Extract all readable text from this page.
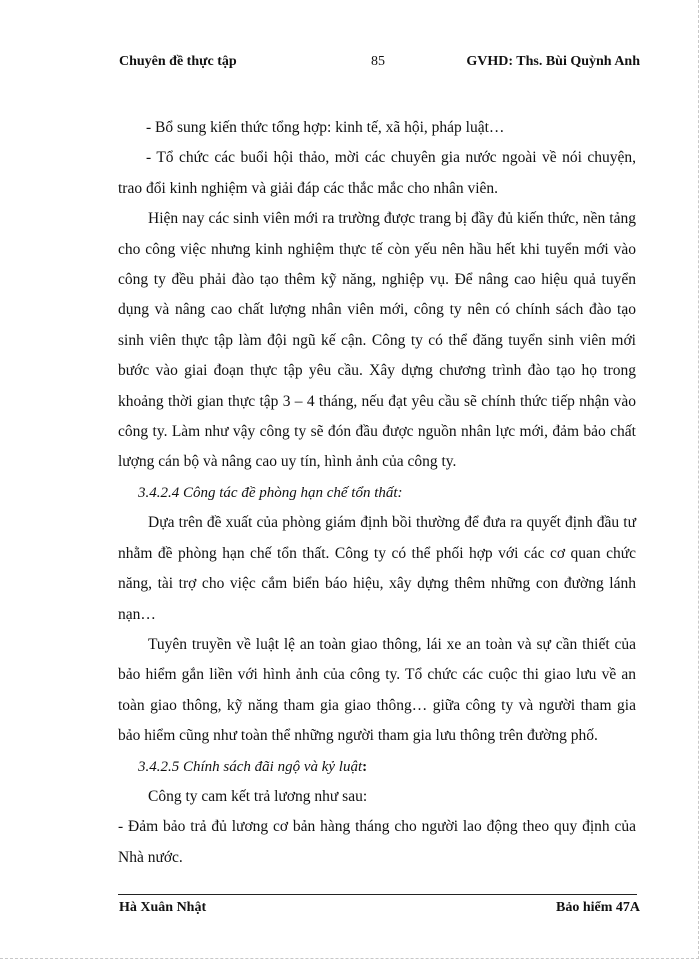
Chuyên đề thực tập	85	GVHD: Ths. Bùi Quỳnh Anh

- Bổ sung kiến thức tổng hợp: kinh tế, xã hội, pháp luật…

- Tổ chức các buổi hội thảo, mời các chuyên gia nước ngoài về nói chuyện, trao đổi kinh nghiệm và giải đáp các thắc mắc cho nhân viên.

Hiện nay các sinh viên mới ra trường được trang bị đầy đủ kiến thức, nền tảng cho công việc nhưng kinh nghiệm thực tế còn yếu nên hầu hết khi tuyển mới vào công ty đều phải đào tạo thêm kỹ năng, nghiệp vụ. Để nâng cao hiệu quả tuyển dụng và nâng cao chất lượng nhân viên mới, công ty nên có chính sách đào tạo sinh viên thực tập làm đội ngũ kế cận. Công ty có thể đăng tuyển sinh viên mới bước vào giai đoạn thực tập yêu cầu. Xây dựng chương trình đào tạo họ trong khoảng thời gian thực tập 3 – 4 tháng, nếu đạt yêu cầu sẽ chính thức tiếp nhận vào công ty. Làm như vậy công ty sẽ đón đầu được nguồn nhân lực mới, đảm bảo chất lượng cán bộ và nâng cao uy tín, hình ảnh của công ty.

3.4.2.4 Công tác đề phòng hạn chế tổn thất:

Dựa trên đề xuất của phòng giám định bồi thường để đưa ra quyết định đầu tư nhằm đề phòng hạn chế tổn thất. Công ty có thể phối hợp với các cơ quan chức năng, tài trợ cho việc cắm biển báo hiệu, xây dựng thêm những con đường lánh nạn…

Tuyên truyền về luật lệ an toàn giao thông, lái xe an toàn và sự cần thiết của bảo hiểm gắn liền với hình ảnh của công ty. Tổ chức các cuộc thi giao lưu về an toàn giao thông, kỹ năng tham gia giao thông… giữa công ty và người tham gia bảo hiểm cũng như toàn thể những người tham gia lưu thông trên đường phố.

3.4.2.5 Chính sách đãi ngộ và kỷ luật:

Công ty cam kết trả lương như sau:

- Đảm bảo trả đủ lương cơ bản hàng tháng cho người lao động theo quy định của Nhà nước.

Hà Xuân Nhật	Bảo hiểm 47A
